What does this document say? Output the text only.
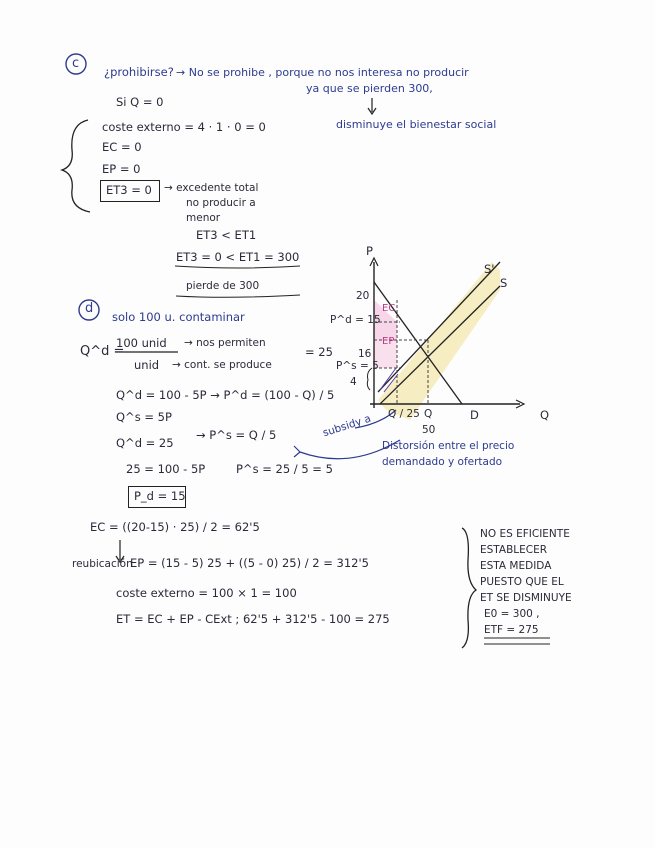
c
¿prohibirse? → No se prohibe , porque no nos interesa no producir
ya que se pierden 300,
disminuye el bienestar social
Si Q = 0
coste externo = 4 · 1 · 0 = 0
EC = 0
EP = 0
ET3 = 0 → excedente total
no producir a
menor
ET3 < ET1
ET3 = 0 < ET1 = 300
pierde de 300
d
solo 100 u. contaminar
Q^d =
100 unid → nos permiten
unid → cont. se produce
= 25
Q^d = 100 - 5P → P^d = (100 - Q) / 5
Q^s = 5P
→ P^s = Q / 5
Q^d = 25
25 = 100 - 5P	P^s = 25 / 5 = 5
P_d = 15
EC = ((20-15) · 25) / 2 = 62'5
reubicación
EP = (15 - 5) 25 + ((5 - 0) 25) / 2 = 312'5
coste externo = 100 × 1 = 100
ET = EC + EP - CExt ; 62'5 + 312'5 - 100 = 275
NO ES EFICIENTE
ESTABLECER
ESTA MEDIDA
PUESTO QUE EL
ET SE DISMINUYE
E0 = 300 ,
ETF = 275
P
Q
S'
S
D
20
16
P^d = 15
P^s = 5
4
Q / 25 Q
50
EC
EP
subsidy a
Distorsión entre el precio demandado y ofertado
